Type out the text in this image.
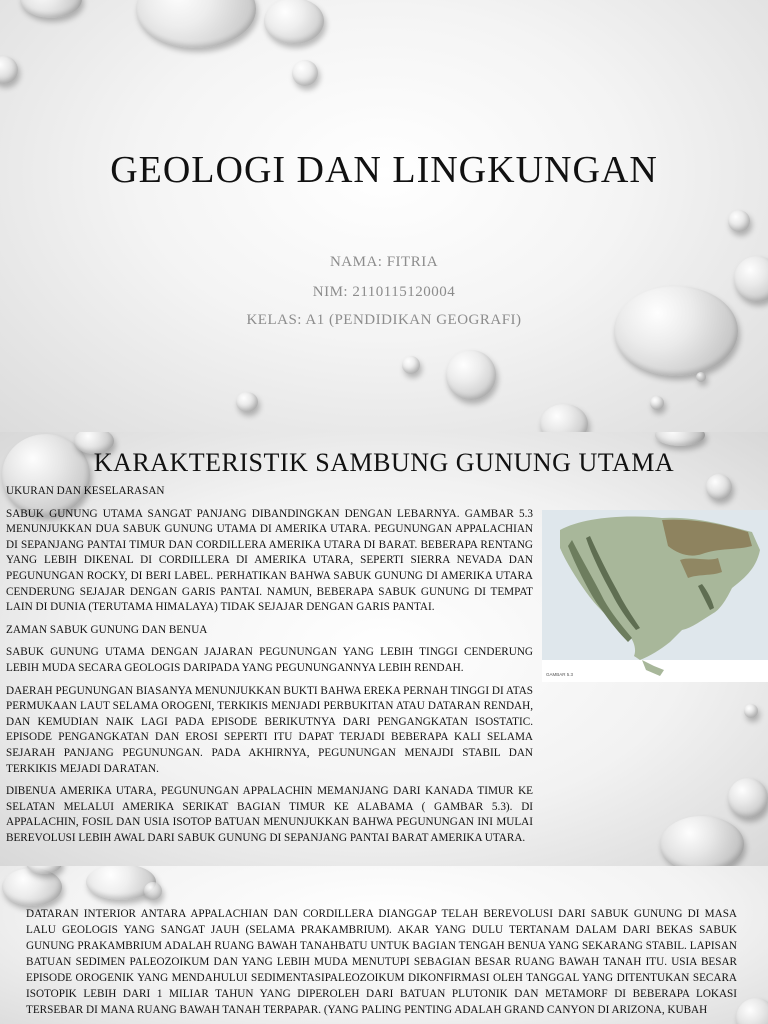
GEOLOGI DAN LINGKUNGAN
NAMA: FITRIA
NIM: 2110115120004
KELAS: A1 (PENDIDIKAN GEOGRAFI)
KARAKTERISTIK SAMBUNG GUNUNG UTAMA

UKURAN DAN KESELARASAN

SABUK GUNUNG UTAMA SANGAT PANJANG DIBANDINGKAN DENGAN LEBARNYA. GAMBAR 5.3 MENUNJUKKAN DUA SABUK GUNUNG UTAMA DI AMERIKA UTARA. PEGUNUNGAN APPALACHIAN DI SEPANJANG PANTAI TIMUR DAN CORDILLERA AMERIKA UTARA DI BARAT. BEBERAPA RENTANG YANG LEBIH DIKENAL DI CORDILLERA DI AMERIKA UTARA, SEPERTI SIERRA NEVADA DAN PEGUNUNGAN ROCKY, DI BERI LABEL. PERHATIKAN BAHWA SABUK GUNUNG DI AMERIKA UTARA CENDERUNG SEJAJAR DENGAN GARIS PANTAI. NAMUN, BEBERAPA SABUK GUNUNG DI TEMPAT LAIN DI DUNIA (TERUTAMA HIMALAYA) TIDAK SEJAJAR DENGAN GARIS PANTAI.

ZAMAN SABUK GUNUNG DAN BENUA

SABUK GUNUNG UTAMA DENGAN JAJARAN PEGUNUNGAN YANG LEBIH TINGGI CENDERUNG LEBIH MUDA SECARA GEOLOGIS DARIPADA YANG PEGUNUNGANNYA LEBIH RENDAH.

DAERAH PEGUNUNGAN BIASANYA MENUNJUKKAN BUKTI BAHWA EREKA PERNAH TINGGI DI ATAS PERMUKAAN LAUT SELAMA OROGENI, TERKIKIS MENJADI PERBUKITAN ATAU DATARAN RENDAH, DAN KEMUDIAN NAIK LAGI PADA EPISODE BERIKUTNYA DARI PENGANGKATAN ISOSTATIC. EPISODE PENGANGKATAN DAN EROSI SEPERTI ITU DAPAT TERJADI BEBERAPA KALI SELAMA SEJARAH PANJANG PEGUNUNGAN. PADA AKHIRNYA, PEGUNUNGAN MENAJDI STABIL DAN TERKIKIS MEJADI DARATAN.

DIBENUA AMERIKA UTARA, PEGUNUNGAN APPALACHIN MEMANJANG DARI KANADA TIMUR KE SELATAN MELALUI AMERIKA SERIKAT BAGIAN TIMUR KE ALABAMA ( GAMBAR 5.3). DI APPALACHIN, FOSIL DAN USIA ISOTOP BATUAN MENUNJUKKAN BAHWA PEGUNUNGAN INI MULAI BEREVOLUSI LEBIH AWAL DARI SABUK GUNUNG DI SEPANJANG PANTAI BARAT AMERIKA UTARA.

GAMBAR 5.3
DATARAN INTERIOR ANTARA APPALACHIAN DAN CORDILLERA DIANGGAP TELAH BEREVOLUSI DARI SABUK GUNUNG DI MASA LALU GEOLOGIS YANG SANGAT JAUH (SELAMA PRAKAMBRIUM). AKAR YANG DULU TERTANAM DALAM DARI BEKAS SABUK GUNUNG PRAKAMBRIUM ADALAH RUANG BAWAH TANAHBATU UNTUK BAGIAN TENGAH BENUA YANG SEKARANG STABIL. LAPISAN BATUAN SEDIMEN PALEOZOIKUM DAN YANG LEBIH MUDA MENUTUPI SEBAGIAN BESAR RUANG BAWAH TANAH ITU. USIA BESAR EPISODE OROGENIK YANG MENDAHULUI SEDIMENTASIPALEOZOIKUM DIKONFIRMASI OLEH TANGGAL YANG DITENTUKAN SECARA ISOTOPIK LEBIH DARI 1 MILIAR TAHUN YANG DIPEROLEH DARI BATUAN PLUTONIK DAN METAMORF DI BEBERAPA LOKASI TERSEBAR DI MANA RUANG BAWAH TANAH TERPAPAR. (YANG PALING PENTING ADALAH GRAND CANYON DI ARIZONA, KUBAH
